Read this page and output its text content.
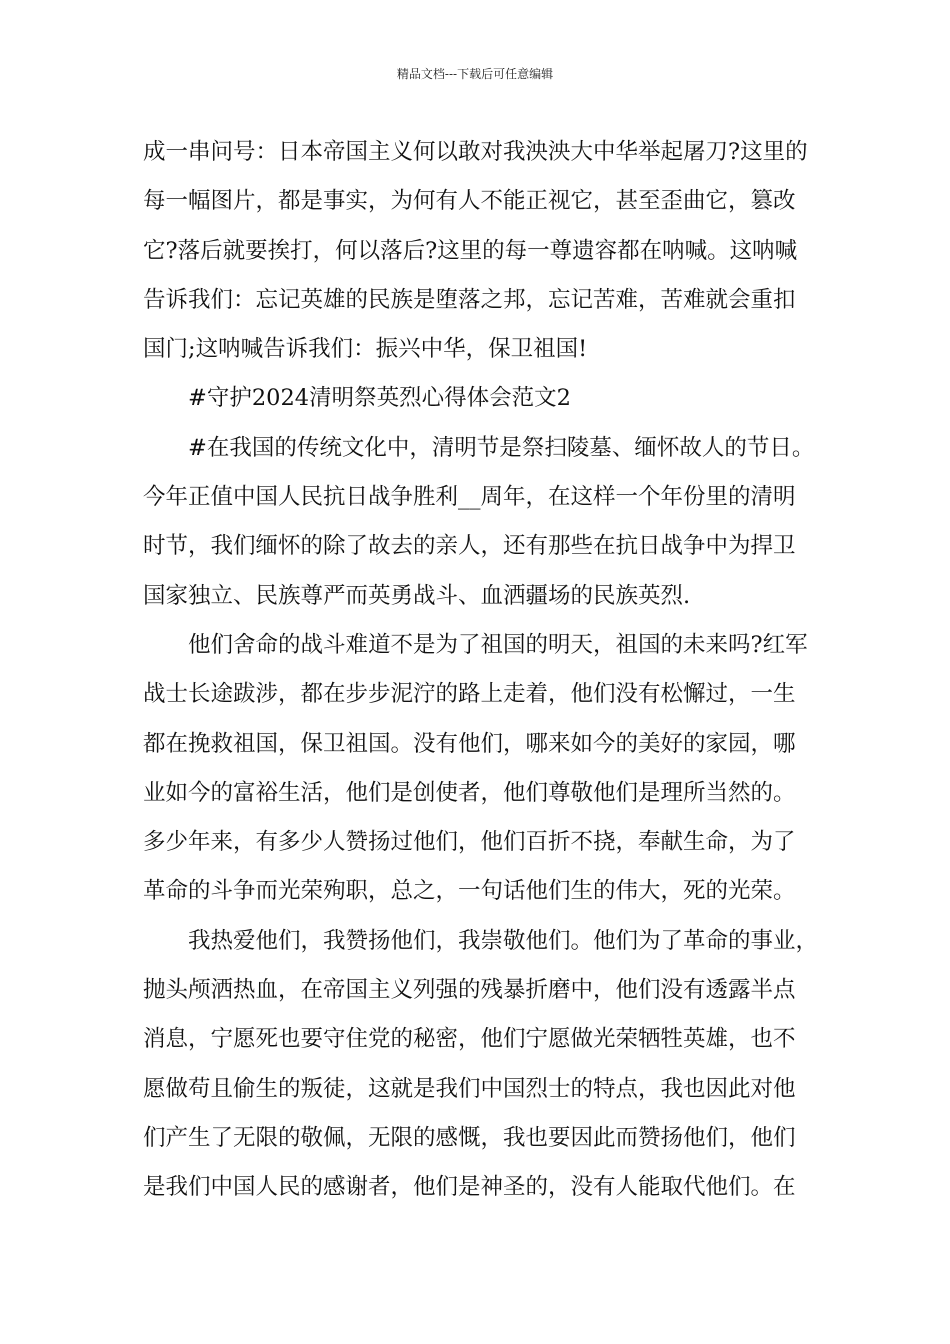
精品文档---下载后可任意编辑
成一串问号：日本帝国主义何以敢对我泱泱大中华举起屠刀?这里的
每一幅图片，都是事实，为何有人不能正视它，甚至歪曲它，篡改
它?落后就要挨打，何以落后?这里的每一尊遗容都在呐喊。这呐喊
告诉我们：忘记英雄的民族是堕落之邦，忘记苦难，苦难就会重扣
国门;这呐喊告诉我们：振兴中华，保卫祖国!
#守护2024清明祭英烈心得体会范文2
#在我国的传统文化中，清明节是祭扫陵墓、缅怀故人的节日。
今年正值中国人民抗日战争胜利__周年，在这样一个年份里的清明
时节，我们缅怀的除了故去的亲人，还有那些在抗日战争中为捍卫
国家独立、民族尊严而英勇战斗、血洒疆场的民族英烈.
他们舍命的战斗难道不是为了祖国的明天，祖国的未来吗?红军
战士长途跋涉，都在步步泥泞的路上走着，他们没有松懈过，一生
都在挽救祖国，保卫祖国。没有他们，哪来如今的美好的家园，哪
业如今的富裕生活，他们是创使者，他们尊敬他们是理所当然的。
多少年来，有多少人赞扬过他们，他们百折不挠，奉献生命，为了
革命的斗争而光荣殉职，总之，一句话他们生的伟大，死的光荣。
我热爱他们，我赞扬他们，我崇敬他们。他们为了革命的事业，
抛头颅洒热血，在帝国主义列强的残暴折磨中，他们没有透露半点
消息，宁愿死也要守住党的秘密，他们宁愿做光荣牺牲英雄，也不
愿做苟且偷生的叛徒，这就是我们中国烈士的特点，我也因此对他
们产生了无限的敬佩，无限的感慨，我也要因此而赞扬他们，他们
是我们中国人民的感谢者，他们是神圣的，没有人能取代他们。在
